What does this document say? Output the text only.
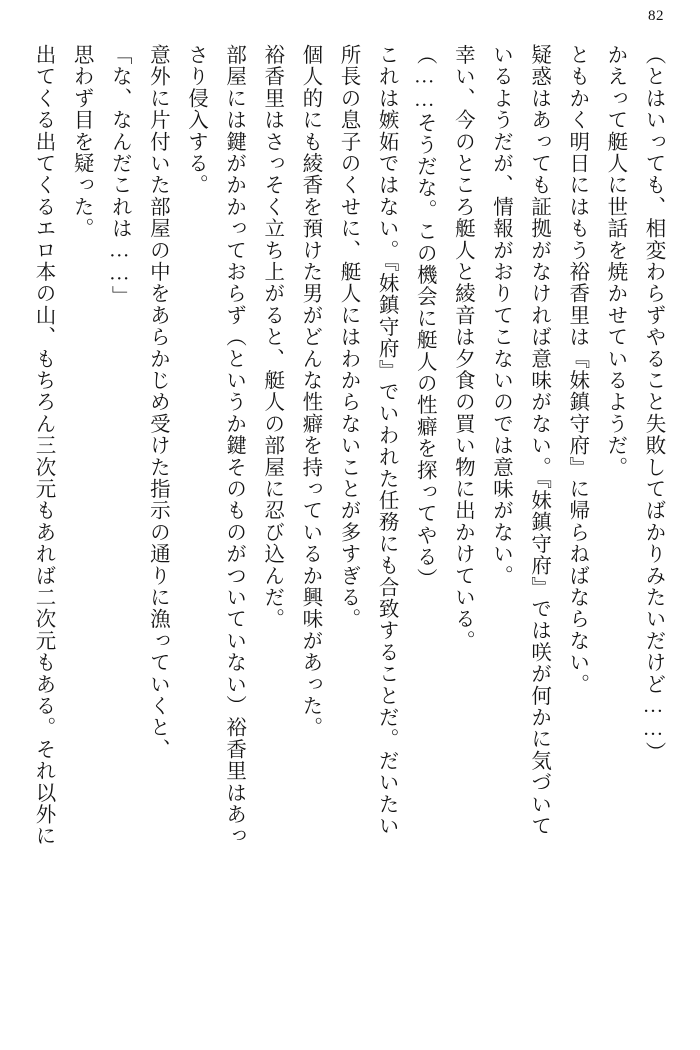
82

（とはいっても、相変わらずやること失敗してばかりみたいだけど……）

かえって艇人に世話を焼かせているようだ。

ともかく明日にはもう裕香里は『妹鎮守府』に帰らねばならない。

疑惑はあっても証拠がなければ意味がない。『妹鎮守府』では咲が何かに気づいて

いるようだが、情報がおりてこないのでは意味がない。

幸い、今のところ艇人と綾音は夕食の買い物に出かけている。

（……そうだな。この機会に艇人の性癖を探ってやる）

これは嫉妬ではない。『妹鎮守府』でいわれた任務にも合致することだ。だいたい

所長の息子のくせに、艇人にはわからないことが多すぎる。

個人的にも綾香を預けた男がどんな性癖を持っているか興味があった。

裕香里はさっそく立ち上がると、艇人の部屋に忍び込んだ。

部屋には鍵がかかっておらず（というか鍵そのものがついていない）裕香里はあっ

さり侵入する。

意外に片付いた部屋の中をあらかじめ受けた指示の通りに漁っていくと、

「な、なんだこれは……」

思わず目を疑った。

出てくる出てくるエロ本の山、もちろん三次元もあれば二次元もある。それ以外に
